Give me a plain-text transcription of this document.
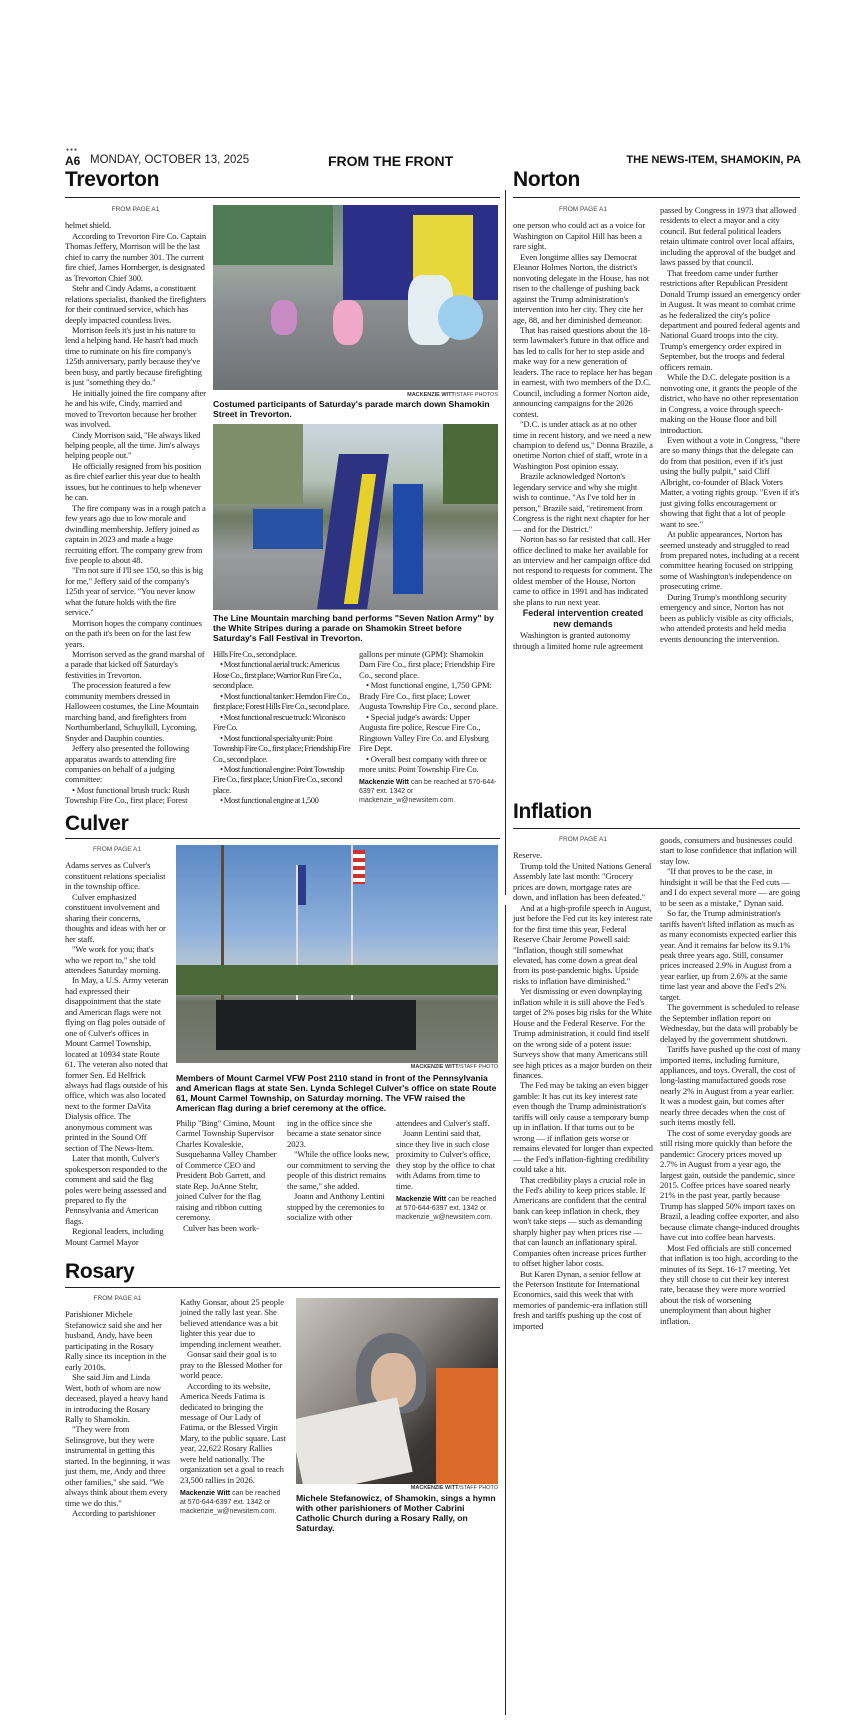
●●●
A6 MONDAY, OCTOBER 13, 2025	FROM THE FRONT	THE NEWS-ITEM, SHAMOKIN, PA
Trevorton
FROM PAGE A1

helmet shield.

According to Trevorton Fire Co. Captain Thomas Jeffery, Morrison will be the last chief to carry the number 301. The current fire chief, James Hornberger, is designated as Trevorton Chief 300.

Stehr and Cindy Adams, a constituent relations specialist, thanked the firefighters for their continued service, which has deeply impacted countless lives.

Morrison feels it's just in his nature to lend a helping hand. He hasn't had much time to ruminate on his fire company's 125th anniversary, partly because they've been busy, and partly because firefighting is just "something they do."

He initially joined the fire company after he and his wife, Cindy, married and moved to Trevorton because her brother was involved.

Cindy Morrison said, "He always liked helping people, all the time. Jim's always helping people out."

He officially resigned from his position as fire chief earlier this year due to health issues, but he continues to help whenever he can.

The fire company was in a rough patch a few years ago due to low morale and dwindling membership. Jeffery joined as captain in 2023 and made a huge recruiting effort. The company grew from five people to about 48.

"I'm not sure if I'll see 150, so this is big for me," Jeffery said of the company's 125th year of service. "You never know what the future holds with the fire service."

Morrison hopes the company continues on the path it's been on for the last few years.

Morrison served as the grand marshal of a parade that kicked off Saturday's festivities in Trevorton.

The procession featured a few community members dressed in Halloween costumes, the Line Mountain marching band, and firefighters from Northumberland, Schuylkill, Lycoming, Snyder and Dauphin counties.

Jeffery also presented the following apparatus awards to attending fire companies on behalf of a judging committee:

• Most functional brush truck: Rush Township Fire Co., first place; Forest

MACKENZIE WITT/STAFF PHOTOS
Costumed participants of Saturday's parade march down Shamokin Street in Trevorton.
The Line Mountain marching band performs "Seven Nation Army" by the White Stripes during a parade on Shamokin Street before Saturday's Fall Festival in Trevorton.

Hills Fire Co., second place.

• Most functional aerial truck: Americus Hose Co., first place; Warrior Run Fire Co., second place.

• Most functional tanker: Herndon Fire Co., first place; Forest Hills Fire Co., second place.

• Most functional rescue truck: Wiconisco Fire Co.

• Most functional specialty unit: Point Township Fire Co., first place; Friendship Fire Co., second place.

• Most functional engine: Point Township Fire Co., first place; Union Fire Co., second place.

• Most functional engine at 1,500

gallons per minute (GPM): Shamokin Dam Fire Co., first place; Friendship Fire Co., second place.

• Most functional engine, 1,750 GPM: Brady Fire Co., first place; Lower Augusta Township Fire Co., second place.

• Special judge's awards: Upper Augusta fire police, Rescue Fire Co., Ringtown Valley Fire Co. and Elysburg Fire Dept.

• Overall best company with three or more units: Point Township Fire Co.

Mackenzie Witt can be reached at 570-644-6397 ext. 1342 or mackenzie_w@newsitem.com.
Norton
FROM PAGE A1

one person who could act as a voice for Washington on Capitol Hill has been a rare sight.

Even longtime allies say Democrat Eleanor Holmes Norton, the district's nonvoting delegate in the House, has not risen to the challenge of pushing back against the Trump administration's intervention into her city. They cite her age, 88, and her diminished demeanor.

That has raised questions about the 18-term lawmaker's future in that office and has led to calls for her to step aside and make way for a new generation of leaders. The race to replace her has began in earnest, with two members of the D.C. Council, including a former Norton aide, announcing campaigns for the 2026 contest.

"D.C. is under attack as at no other time in recent history, and we need a new champion to defend us," Donna Brazile, a onetime Norton chief of staff, wrote in a Washington Post opinion essay.

Brazile acknowledged Norton's legendary service and why she might wish to continue. "As I've told her in person," Brazile said, "retirement from Congress is the right next chapter for her — and for the District."

Norton has so far resisted that call. Her office declined to make her available for an interview and her campaign office did not respond to requests for comment. The oldest member of the House, Norton came to office in 1991 and has indicated she plans to run next year.

Federal intervention created new demands

Washington is granted autonomy through a limited home rule agreement

passed by Congress in 1973 that allowed residents to elect a mayor and a city council. But federal political leaders retain ultimate control over local affairs, including the approval of the budget and laws passed by that council.

That freedom came under further restrictions after Republican President Donald Trump issued an emergency order in August. It was meant to combat crime as he federalized the city's police department and poured federal agents and National Guard troops into the city. Trump's emergency order expired in September, but the troops and federal officers remain.

While the D.C. delegate position is a nonvoting one, it grants the people of the district, who have no other representation in Congress, a voice through speech-making on the House floor and bill introduction.

Even without a vote in Congress, "there are so many things that the delegate can do from that position, even if it's just using the bully pulpit," said Cliff Albright, co-founder of Black Voters Matter, a voting rights group. "Even if it's just giving folks encouragement or showing that fight that a lot of people want to see."

At public appearances, Norton has seemed unsteady and struggled to read from prepared notes, including at a recent committee hearing focused on stripping some of Washington's independence on prosecuting crime.

During Trump's monthlong security emergency and since, Norton has not been as publicly visible as city officials, who attended protests and held media events denouncing the intervention.

Culver
FROM PAGE A1

Adams serves as Culver's constituent relations specialist in the township office.

Culver emphasized constituent involvement and sharing their concerns, thoughts and ideas with her or her staff.

"We work for you; that's who we report to," she told attendees Saturday morning.

In May, a U.S. Army veteran had expressed their disappointment that the state and American flags were not flying on flag poles outside of one of Culver's offices in Mount Carmel Township, located at 10934 state Route 61. The veteran also noted that former Sen. Ed Helfrick always had flags outside of his office, which was also located next to the former DaVita Dialysis office. The anonymous comment was printed in the Sound Off section of The News-Item.

Later that month, Culver's spokesperson responded to the comment and said the flag poles were being assessed and prepared to fly the Pennsylvania and American flags.

Regional leaders, including Mount Carmel Mayor

MACKENZIE WITT/STAFF PHOTO
Members of Mount Carmel VFW Post 2110 stand in front of the Pennsylvania and American flags at state Sen. Lynda Schlegel Culver's office on state Route 61, Mount Carmel Township, on Saturday morning. The VFW raised the American flag during a brief ceremony at the office.

Philip "Bing" Cimino, Mount Carmel Township Supervisor Charles Kovaleskie, Susquehanna Valley Chamber of Commerce CEO and President Bob Garrett, and state Rep. JoAnne Stehr, joined Culver for the flag raising and ribbon cutting ceremony.

Culver has been work-

ing in the office since she became a state senator since 2023.

"While the office looks new, our commitment to serving the people of this district remains the same," she added.

Joann and Anthony Lentini stopped by the ceremonies to socialize with other

attendees and Culver's staff.

Joann Lentini said that, since they live in such close proximity to Culver's office, they stop by the office to chat with Adams from time to time.

Mackenzie Witt can be reached at 570-644-6397 ext. 1342 or mackenzie_w@newsitem.com.
Rosary
FROM PAGE A1

Parishioner Michele Stefanowicz said she and her husband, Andy, have been participating in the Rosary Rally since its inception in the early 2010s.

She said Jim and Linda Wert, both of whom are now deceased, played a heavy hand in introducing the Rosary Rally to Shamokin.

"They were from Selinsgrove, but they were instrumental in getting this started. In the beginning, it was just them, me, Andy and three other families," she said. "We always think about them every time we do this."

According to parishioner

Kathy Gonsar, about 25 people joined the rally last year. She believed attendance was a bit lighter this year due to impending inclement weather.

Gonsar said their goal is to pray to the Blessed Mother for world peace.

According to its website, America Needs Fatima is dedicated to bringing the message of Our Lady of Fatima, or the Blessed Virgin Mary, to the public square. Last year, 22,622 Rosary Rallies were held nationally. The organization set a goal to reach 23,500 rallies in 2026.

Mackenzie Witt can be reached at 570-644-6397 ext. 1342 or mackenzie_w@newsitem.com.
MACKENZIE WITT/STAFF PHOTO
Michele Stefanowicz, of Shamokin, sings a hymn with other parishioners of Mother Cabrini Catholic Church during a Rosary Rally, on Saturday.
Inflation
FROM PAGE A1

Reserve.

Trump told the United Nations General Assembly late last month: "Grocery prices are down, mortgage rates are down, and inflation has been defeated."

And at a high-profile speech in August, just before the Fed cut its key interest rate for the first time this year, Federal Reserve Chair Jerome Powell said: "Inflation, though still somewhat elevated, has come down a great deal from its post-pandemic highs. Upside risks to inflation have diminished."

Yet dismissing or even downplaying inflation while it is still above the Fed's target of 2% poses big risks for the White House and the Federal Reserve. For the Trump administration, it could find itself on the wrong side of a potent issue: Surveys show that many Americans still see high prices as a major burden on their finances.

The Fed may be taking an even bigger gamble: It has cut its key interest rate even though the Trump administration's tariffs will only cause a temporary bump up in inflation. If that turns out to be wrong — if inflation gets worse or remains elevated for longer than expected — the Fed's inflation-fighting credibility could take a hit.

That credibility plays a crucial role in the Fed's ability to keep prices stable. If Americans are confident that the central bank can keep inflation in check, they won't take steps — such as demanding sharply higher pay when prices rise — that can launch an inflationary spiral. Companies often increase prices further to offset higher labor costs.

But Karen Dynan, a senior fellow at the Peterson Institute for International Economics, said this week that with memories of pandemic-era inflation still fresh and tariffs pushing up the cost of imported

goods, consumers and businesses could start to lose confidence that inflation will stay low.

"If that proves to be the case, in hindsight it will be that the Fed cuts — and I do expect several more — are going to be seen as a mistake," Dynan said.

So far, the Trump administration's tariffs haven't lifted inflation as much as as many economists expected earlier this year. And it remains far below its 9.1% peak three years ago. Still, consumer prices increased 2.9% in August from a year earlier, up from 2.6% at the same time last year and above the Fed's 2% target.

The government is scheduled to release the September inflation report on Wednesday, but the data will probably be delayed by the government shutdown.

Tariffs have pushed up the cost of many imported items, including furniture, appliances, and toys. Overall, the cost of long-lasting manufactured goods rose nearly 2% in August from a year earlier. It was a modest gain, but comes after nearly three decades when the cost of such items mostly fell.

The cost of some everyday goods are still rising more quickly than before the pandemic: Grocery prices moved up 2.7% in August from a year ago, the largest gain, outside the pandemic, since 2015. Coffee prices have soared nearly 21% in the past year, partly because Trump has slapped 50% import taxes on Brazil, a leading coffee exporter, and also because climate change-induced droughts have cut into coffee bean harvests.

Most Fed officials are still concerned that inflation is too high, according to the minutes of its Sept. 16-17 meeting. Yet they still chose to cut their key interest rate, because they were more worried about the risk of worsening unemployment than about higher inflation.
